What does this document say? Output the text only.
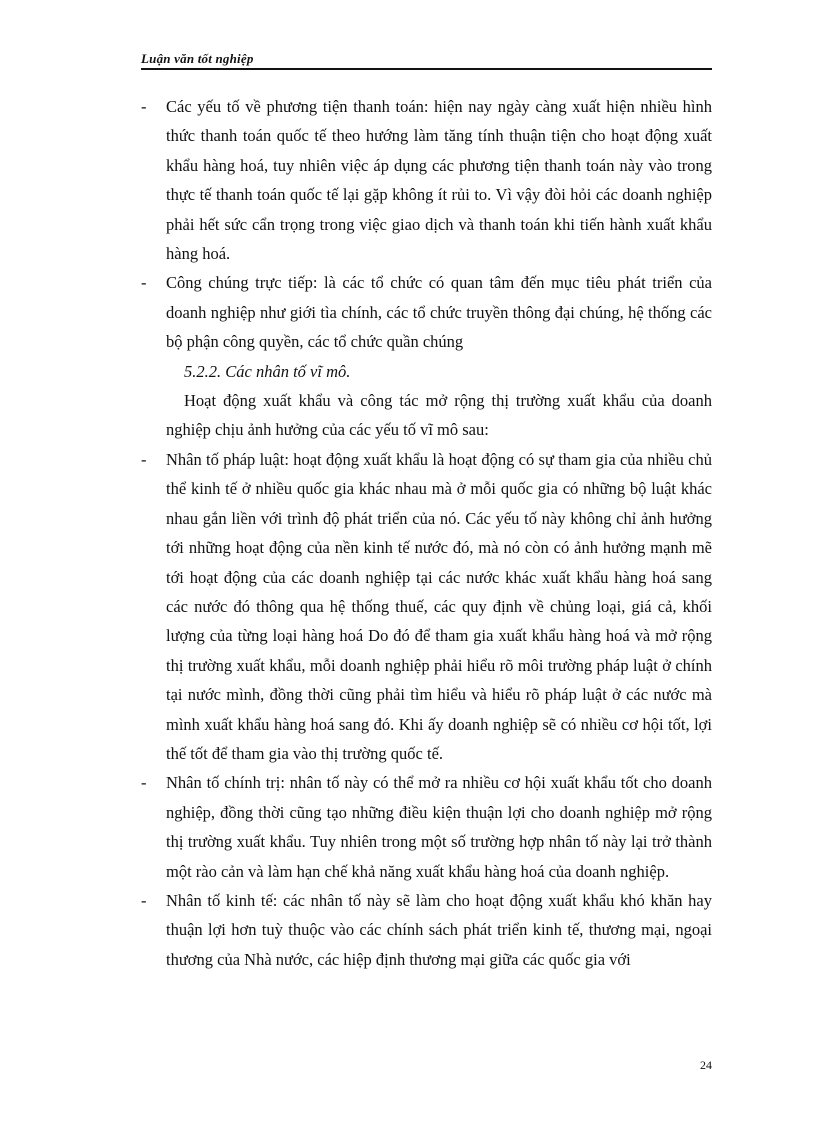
Luận văn tốt nghiệp

- Các yếu tố về phương tiện thanh toán: hiện nay ngày càng xuất hiện nhiều hình thức thanh toán quốc tế theo hướng làm tăng tính thuận tiện cho hoạt động xuất khẩu hàng hoá, tuy nhiên việc áp dụng các phương tiện thanh toán này vào trong thực tế thanh toán quốc tế lại gặp không ít rủi to. Vì vậy đòi hỏi các doanh nghiệp phải hết sức cẩn trọng trong việc giao dịch và thanh toán khi tiến hành xuất khẩu hàng hoá.

- Công chúng trực tiếp: là các tổ chức có quan tâm đến mục tiêu phát triển của doanh nghiệp như giới tìa chính, các tổ chức truyền thông đại chúng, hệ thống các bộ phận công quyền, các tổ chức quần chúng

5.2.2. Các nhân tố vĩ mô.

Hoạt động xuất khẩu và công tác mở rộng thị trường xuất khẩu của doanh nghiệp chịu ảnh hưởng của các yếu tố vĩ mô sau:

- Nhân tố pháp luật: hoạt động xuất khẩu là hoạt động có sự tham gia của nhiều chủ thể kinh tế ở nhiều quốc gia khác nhau mà ở mỗi quốc gia có những bộ luật khác nhau gắn liền với trình độ phát triển của nó. Các yếu tố này không chỉ ảnh hưởng tới những hoạt động của nền kinh tế nước đó, mà nó còn có ảnh hưởng mạnh mẽ tới hoạt động của các doanh nghiệp tại các nước khác xuất khẩu hàng hoá sang các nước đó thông qua hệ thống thuế, các quy định về chủng loại, giá cả, khối lượng của từng loại hàng hoá Do đó để tham gia xuất khẩu hàng hoá và mở rộng thị trường xuất khẩu, mỗi doanh nghiệp phải hiểu rõ môi trường pháp luật ở chính tại nước mình, đồng thời cũng phải tìm hiểu và hiểu rõ pháp luật ở các nước mà mình xuất khẩu hàng hoá sang đó. Khi ấy doanh nghiệp sẽ có nhiều cơ hội tốt, lợi thế tốt để tham gia vào thị trường quốc tế.

- Nhân tố chính trị: nhân tố này có thể mở ra nhiều cơ hội xuất khẩu tốt cho doanh nghiệp, đồng thời cũng tạo những điều kiện thuận lợi cho doanh nghiệp mở rộng thị trường xuất khẩu. Tuy nhiên trong một số trường hợp nhân tố này lại trở thành một rào cản và làm hạn chế khả năng xuất khẩu hàng hoá của doanh nghiệp.

- Nhân tố kinh tế: các nhân tố này sẽ làm cho hoạt động xuất khẩu khó khăn hay thuận lợi hơn tuỳ thuộc vào các chính sách phát triển kinh tế, thương mại, ngoại thương của Nhà nước, các hiệp định thương mại giữa các quốc gia với

24
